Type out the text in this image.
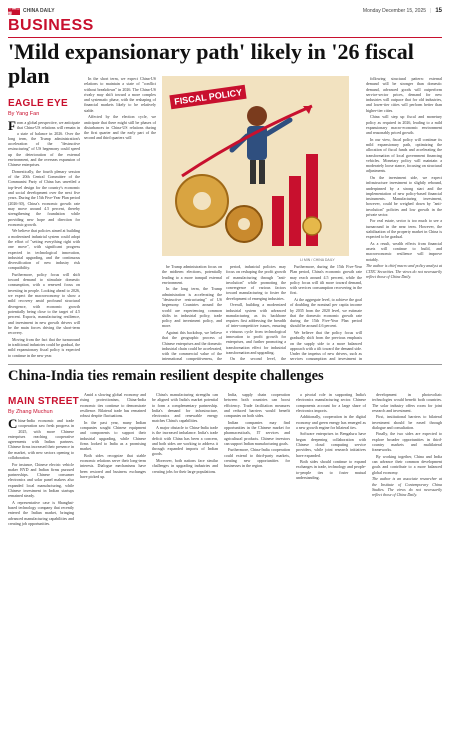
中國日報	CHINA DAILY	Monday December 15, 2025 | 15
BUSINESS
'Mild expansionary path' likely in '26 fiscal plan
EAGLE EYE
By Yang Fan

From a global perspective, we anticipate that China-US relations will remain in a state of balance in 2026. Over the long term, the Trump administration's acceleration of the "destructive restructuring" of US hegemony could speed up the deterioration of the external environment, and the overseas expansion of Chinese enterprises.

Domestically, the fourth plenary session of the 20th Central Committee of the Communist Party of China has unveiled a top-level design for the country's economic and social development over the next five years. During the 15th Five-Year Plan period (2026-30), China's economic growth rate may move around 4.5 percent, thereby strengthening the foundation while providing new hope and direction for economic growth.

We believe that policies aimed at building a modernized industrial system could adopt the effort of "setting everything right with one move", with significant progress expected in technological innovation, industrial upgrading, and the continuous diversification of new industry risk compatibility.

Furthermore, policy focus will shift toward demand to stimulate domestic consumption, with a renewed focus on investing in people. Looking ahead to 2026, we expect the macroeconomy to show a mild recovery amid profound structural divergence, with economic growth potentially being close to the target of 4.5 percent. Exports, manufacturing resilience, and investment in new growth drivers will be the main forces driving the short-term recovery.

Moving from the fact that the turnaround in traditional industries could be gradual, the mild expansionary fiscal policy is expected to continue in the new year.

In the short term, we expect China-US relations to maintain a state of "conflict without breakdown" in 2026. The China-US rivalry may shift toward a more complex and systematic phase, with the reshaping of financial markets likely to be relatively stable.

Affected by the election cycle, we anticipate that there might still be phases of disturbances in China-US relations during the first quarter and the early part of the second and third quarters will

FISCAL POLICY
LI MIN / CHINA DAILY

be Trump administration focus on the midterm elections, potentially leading to a more tranquil external environment.

In the long term, the Trump administration is accelerating the "destructive restructuring" of US hegemony. Countries around the world are experiencing common shifts in industrial policy, trade policy and investment policy, and more.

Against this backdrop, we believe that the geographic process of Chinese enterprises and the domestic industrial chain could be accelerated, with the commercial value of the international competitiveness, the

period, industrial policies may focus on reshaping the profit growth of manufacturing through "anti-involution" while promoting the convergence of various factors toward manufacturing to foster the development of emerging industries.

Overall, building a modernized industrial system with advanced manufacturing as its backbone requires first addressing the breadth of inter-competitive issues, ensuring a virtuous cycle from technological innovation to profit growth for enterprises, and further promoting a transformation effect for industrial transformation and upgrading.

On the second level, the

Furthermore, during the 15th Five-Year Plan period, China's economic growth rate may reach around 4.5 percent, while the policy focus will tilt more toward demand, with services consumption recovering in the first.

At the aggregate level, to achieve the goal of doubling the nominal per capita income by 2035 from the 2020 level, we estimate that the domestic economic growth rate during the 15th Five-Year Plan period should be around 4.6 percent.

We believe that the policy focus will gradually shift from the previous emphasis on the supply side to a more balanced approach with a tilt toward the demand side. Under the impetus of new drivers, such as services consumption and investment in

following structural pattern: external demand will be stronger than domestic demand, advanced goods will outperform service-sector prices, demand for new industries will outpace that for old industries, and lower-tier cities will perform better than higher-tier cities.

China will step up fiscal and monetary policy as required in 2026, leading to a mild expansionary macro-economic environment and reasonably priced growth.

In our view, fiscal policy will continue its mild expansionary path, optimizing the allocation of fiscal funds and accelerating the transformation of local government financing vehicles. Monetary policy will maintain a moderately loose stance, focusing on structural adjustments.

On the investment side, we expect infrastructure investment to slightly rebound, underpinned by a strong start and the implementation of new policy-based financial instruments. Manufacturing investment, however, could be weighed down by "anti-involution" policies and low growth in the private sector.

For real estate, sector is too much to see a turnaround in the near term. However, the stabilization of the property market in China is expected to be gradual.

As a result, wealth effects from financial assets will continue to build, and macroeconomic resilience will improve notably.

The author is chief macro and policy analyst at CITIC Securities. The views do not necessarily reflect those of China Daily.

China-India ties remain resilient despite challenges
MAIN STREET
By Zhang Muchun

China-India economic and trade cooperation saw fresh progress in 2025, with more Chinese enterprises reaching cooperative agreements with Indian partners. Chinese firms increased their presence in the market, with new sectors opening to collaboration.

For instance, Chinese electric vehicle maker BYD and Indian firms pursued partnerships. Chinese consumer electronics and solar panel makers also expanded local manufacturing, while Chinese investment in Indian startups remained steady.

A representative case is Shanghai-based technology company that recently entered the Indian market, bringing advanced manufacturing capabilities and creating job opportunities.

Amid a slowing global economy and rising protectionism, China-India economic ties continue to demonstrate resilience. Bilateral trade has remained robust despite fluctuations.

In the past year, many Indian companies sought Chinese equipment and components to support their industrial upgrading, while Chinese firms looked to India as a promising market.

Both sides recognize that stable economic relations serve their long-term interests. Dialogue mechanisms have been restored and business exchanges have picked up.

China's manufacturing strengths can be aligned with India's market potential to form a complementary partnership. India's demand for infrastructure, electronics and renewable energy matches China's capabilities.

A major obstacle to China-India trade is the increased imbalance. India's trade deficit with China has been a concern, and both sides are working to address it through expanded imports of Indian goods.

Moreover, both nations face similar challenges in upgrading industries and creating jobs for their large populations.

India, supply chain cooperation between both countries can boost efficiency. Trade facilitation measures and reduced barriers would benefit companies on both sides.

Indian companies may find opportunities in the Chinese market for pharmaceuticals, IT services and agricultural products. Chinese investors can support Indian manufacturing goals.

Furthermore, China-India cooperation could extend to third-party markets, creating new opportunities for businesses in the region.

a pivotal role in supporting India's electronics manufacturing sector. Chinese components account for a large share of electronics imports.

Additionally, cooperation in the digital economy and green energy has emerged as a new growth engine for bilateral ties.

Software enterprises in Bengaluru have begun deepening collaboration with Chinese cloud computing service providers, while joint research initiatives have expanded.

Both sides should continue to expand exchanges in trade, technology and people-to-people ties to foster mutual understanding.

development in photovoltaic technologies would benefit both countries. The solar industry offers room for joint research and investment.

First, institutional barriers to bilateral investment should be eased through dialogue and consultation.

Finally, the two sides are expected to explore broader opportunities in third-country markets and multilateral frameworks.

By working together, China and India can advance their common development goals and contribute to a more balanced global economy.

The author is an associate researcher at the Institute of Contemporary China Studies. The views do not necessarily reflect those of China Daily.
